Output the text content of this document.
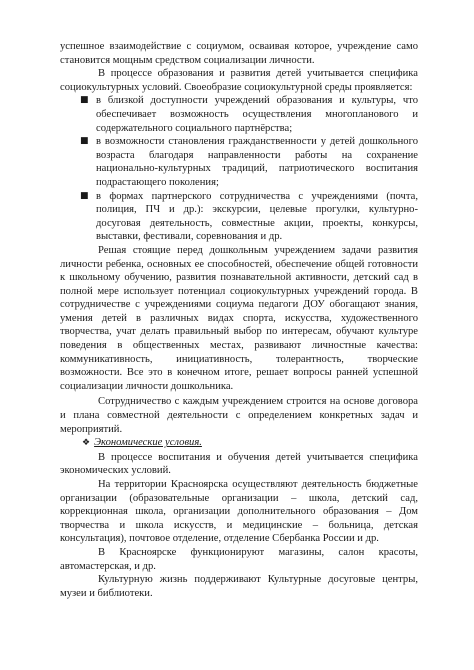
успешное взаимодействие с социумом, осваивая которое, учреждение само становится мощным средством социализации личности.

В процессе образования и развития детей учитывается специфика социокультурных условий. Своеобразие социокультурной среды проявляется:

■ в близкой доступности учреждений образования и культуры, что обеспечивает возможность осуществления многопланового и содержательного социального партнёрства;
■ в возможности становления гражданственности у детей дошкольного возраста благодаря направленности работы на сохранение национально-культурных традиций, патриотического воспитания подрастающего поколения;
■ в формах партнерского сотрудничества с учреждениями (почта, полиция, ПЧ и др.): экскурсии, целевые прогулки, культурно-досуговая деятельность, совместные акции, проекты, конкурсы, выставки, фестивали, соревнования и др.

Решая стоящие перед дошкольным учреждением задачи развития личности ребенка, основных ее способностей, обеспечение общей готовности к школьному обучению, развития познавательной активности, детский сад в полной мере использует потенциал социокультурных учреждений города. В сотрудничестве с учреждениями социума педагоги ДОУ обогащают знания, умения детей в различных видах спорта, искусства, художественного творчества, учат делать правильный выбор по интересам, обучают культуре поведения в общественных местах, развивают личностные качества: коммуникативность, инициативность, толерантность, творческие возможности. Все это в конечном итоге, решает вопросы ранней успешной социализации личности дошкольника.

Сотрудничество с каждым учреждением строится на основе договора и плана совместной деятельности с определением конкретных задач и мероприятий.

❖ Экономические условия.

В процессе воспитания и обучения детей учитывается специфика экономических условий.

На территории Красноярска осуществляют деятельность бюджетные организации (образовательные организации – школа, детский сад, коррекционная школа, организации дополнительного образования – Дом творчества и школа искусств, и медицинские – больница, детская консультация), почтовое отделение, отделение Сбербанка России и др.

В Красноярске функционируют магазины, салон красоты, автомастерская, и др.

Культурную жизнь поддерживают Культурные досуговые центры, музеи и библиотеки.
